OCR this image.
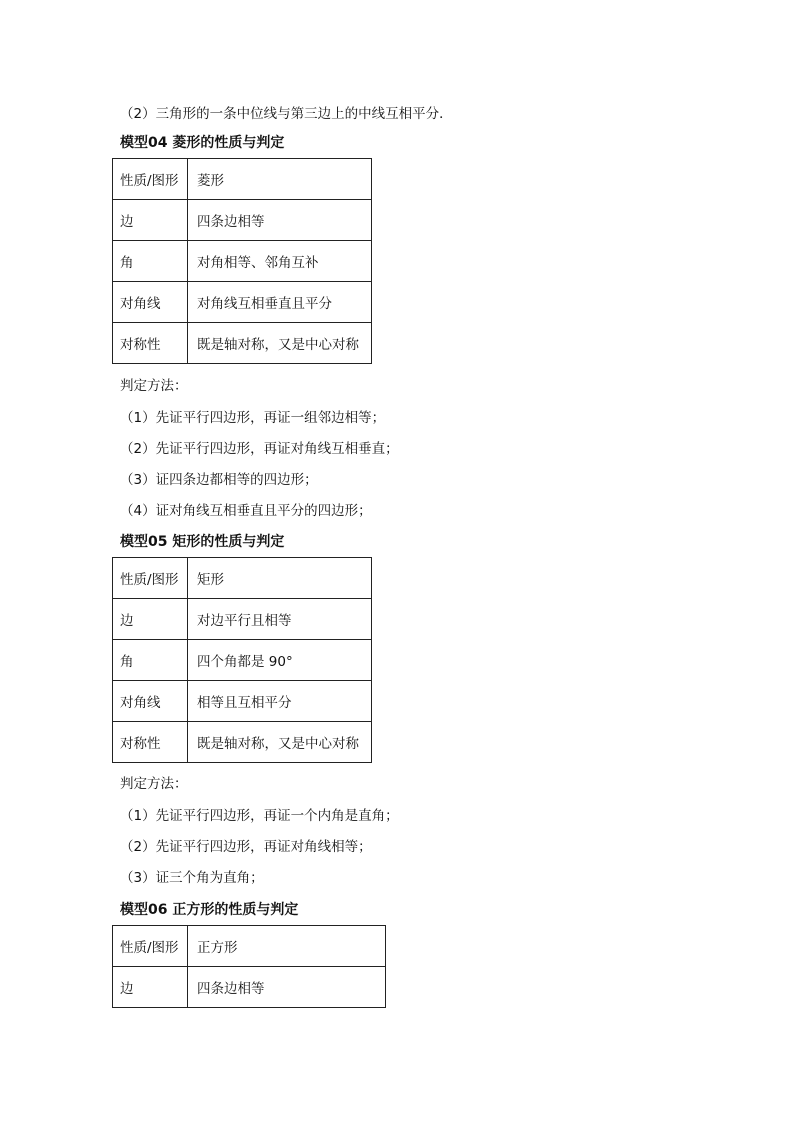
（2）三角形的一条中位线与第三边上的中线互相平分．
模型04 菱形的性质与判定
性质/图形	菱形
边	四条边相等
角	对角相等、邻角互补
对角线	对角线互相垂直且平分
对称性	既是轴对称，又是中心对称
判定方法：
（1）先证平行四边形，再证一组邻边相等；
（2）先证平行四边形，再证对角线互相垂直；
（3）证四条边都相等的四边形；
（4）证对角线互相垂直且平分的四边形；
模型05 矩形的性质与判定
性质/图形	矩形
边	对边平行且相等
角	四个角都是 90°
对角线	相等且互相平分
对称性	既是轴对称，又是中心对称
判定方法：
（1）先证平行四边形，再证一个内角是直角；
（2）先证平行四边形，再证对角线相等；
（3）证三个角为直角；
模型06 正方形的性质与判定
性质/图形	正方形
边	四条边相等
